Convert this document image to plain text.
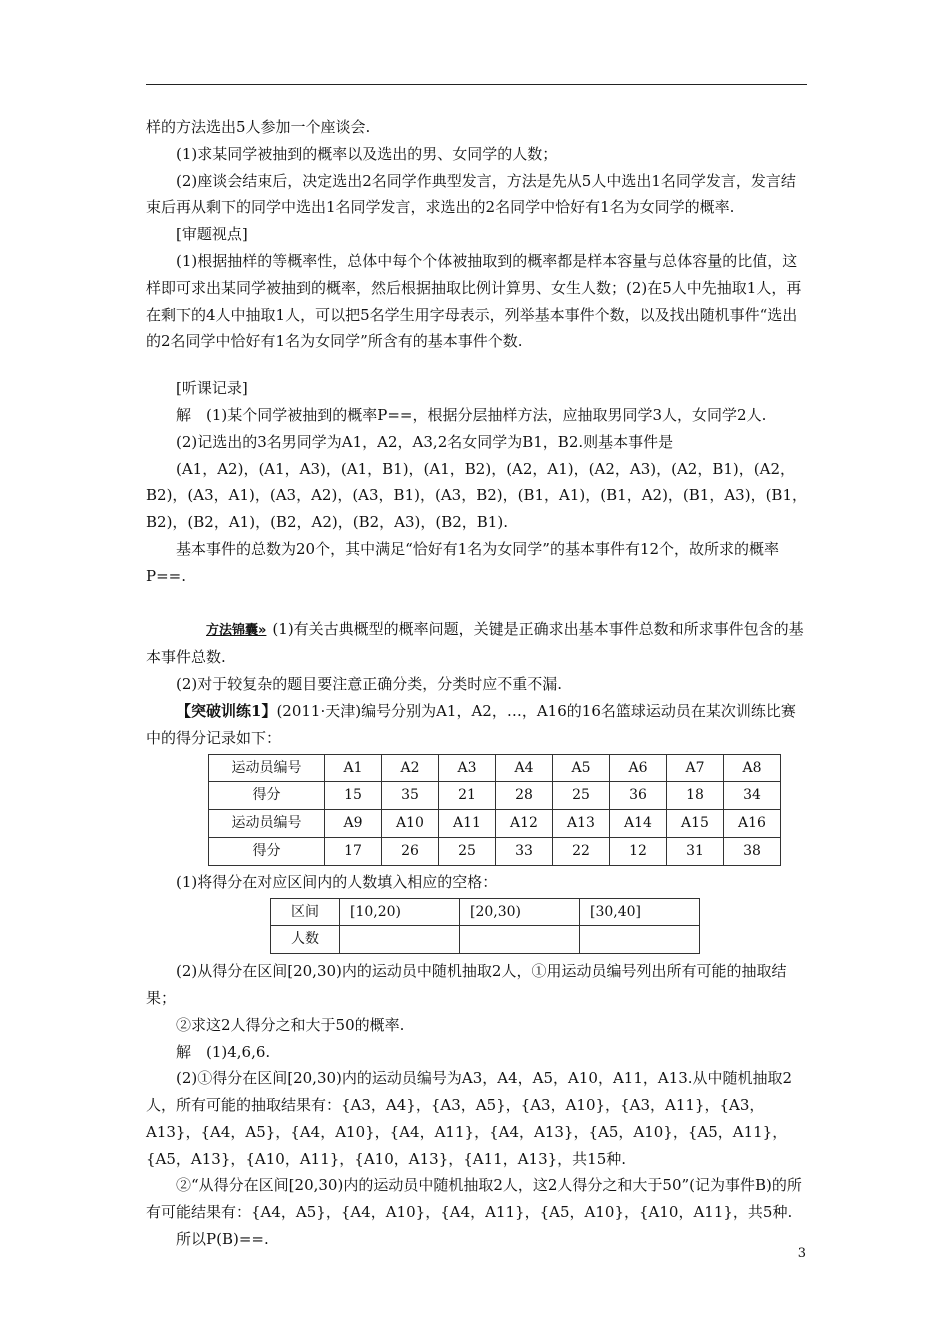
样的方法选出5人参加一个座谈会.

(1)求某同学被抽到的概率以及选出的男、女同学的人数；

(2)座谈会结束后，决定选出2名同学作典型发言，方法是先从5人中选出1名同学发言，发言结束后再从剩下的同学中选出1名同学发言，求选出的2名同学中恰好有1名为女同学的概率.

[审题视点]

(1)根据抽样的等概率性，总体中每个个体被抽取到的概率都是样本容量与总体容量的比值，这样即可求出某同学被抽到的概率，然后根据抽取比例计算男、女生人数；(2)在5人中先抽取1人，再在剩下的4人中抽取1人，可以把5名学生用字母表示，列举基本事件个数，以及找出随机事件“选出的2名同学中恰好有1名为女同学”所含有的基本事件个数.

[听课记录]

解　(1)某个同学被抽到的概率P==，根据分层抽样方法，应抽取男同学3人，女同学2人.

(2)记选出的3名男同学为A1，A2，A3,2名女同学为B1，B2.则基本事件是

(A1，A2)，(A1，A3)，(A1，B1)，(A1，B2)，(A2，A1)，(A2，A3)，(A2，B1)，(A2，B2)，(A3，A1)，(A3，A2)，(A3，B1)，(A3，B2)，(B1，A1)，(B1，A2)，(B1，A3)，(B1，B2)，(B2，A1)，(B2，A2)，(B2，A3)，(B2，B1).

基本事件的总数为20个，其中满足“恰好有1名为女同学”的基本事件有12个，故所求的概率P==.

方法锦囊» (1)有关古典概型的概率问题，关键是正确求出基本事件总数和所求事件包含的基本事件总数.

(2)对于较复杂的题目要注意正确分类，分类时应不重不漏.

【突破训练1】(2011·天津)编号分别为A1，A2，…，A16的16名篮球运动员在某次训练比赛中的得分记录如下：

运动员编号	A1	A2	A3	A4	A5	A6	A7	A8
得分	15	35	21	28	25	36	18	34
运动员编号	A9	A10	A11	A12	A13	A14	A15	A16
得分	17	26	25	33	22	12	31	38

(1)将得分在对应区间内的人数填入相应的空格：

区间	[10,20)	[20,30)	[30,40]
人数			

(2)从得分在区间[20,30)内的运动员中随机抽取2人，①用运动员编号列出所有可能的抽取结果；

②求这2人得分之和大于50的概率.

解　(1)4,6,6.

(2)①得分在区间[20,30)内的运动员编号为A3，A4，A5，A10，A11，A13.从中随机抽取2人，所有可能的抽取结果有：{A3，A4}，{A3，A5}，{A3，A10}，{A3，A11}，{A3，A13}，{A4，A5}，{A4，A10}，{A4，A11}，{A4，A13}，{A5，A10}，{A5，A11}，{A5，A13}，{A10，A11}，{A10，A13}，{A11，A13}，共15种.

②“从得分在区间[20,30)内的运动员中随机抽取2人，这2人得分之和大于50”(记为事件B)的所有可能结果有：{A4，A5}，{A4，A10}，{A4，A11}，{A5，A10}，{A10，A11}，共5种.

所以P(B)==.

3
